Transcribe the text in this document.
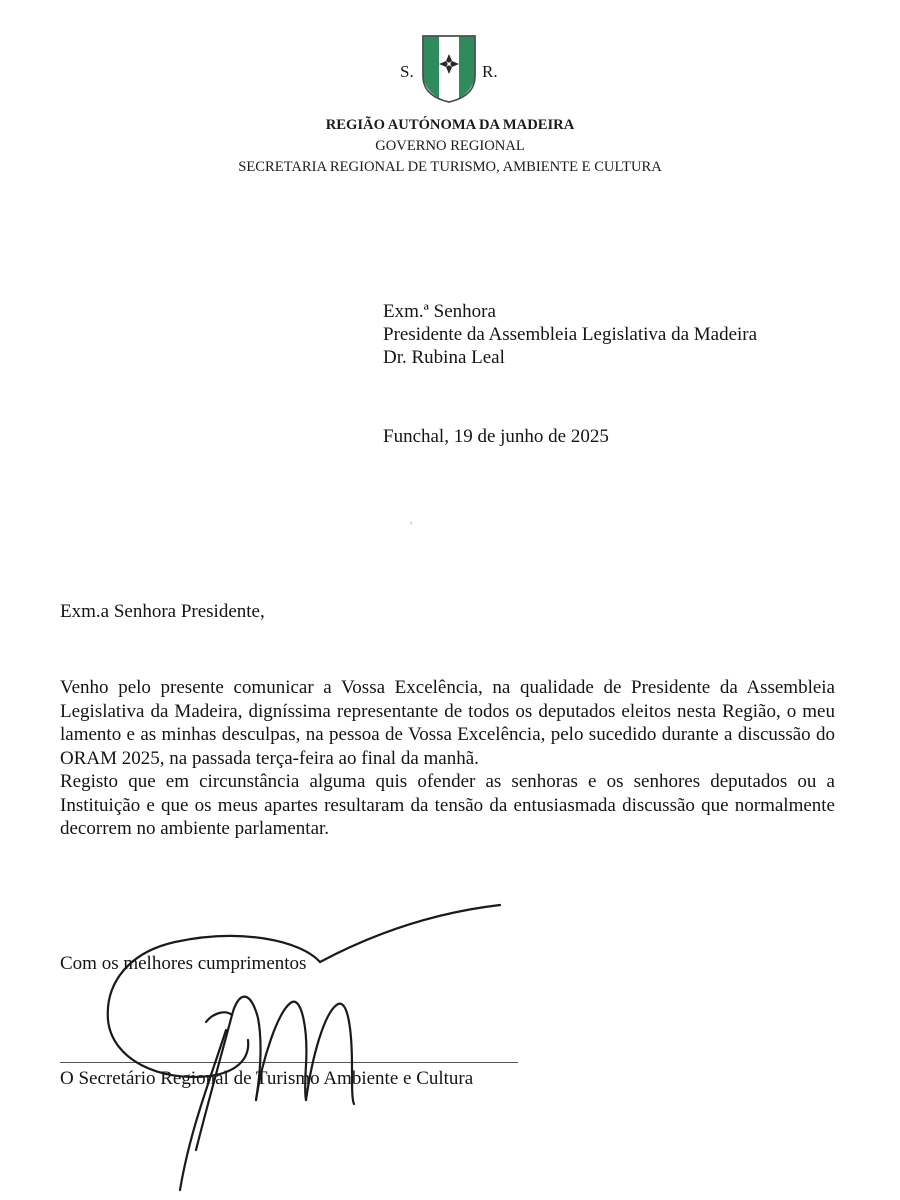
S.	R.
REGIÃO AUTÓNOMA DA MADEIRA
GOVERNO REGIONAL
SECRETARIA REGIONAL DE TURISMO, AMBIENTE E CULTURA
Exm.ª Senhora
Presidente da Assembleia Legislativa da Madeira
Dr. Rubina Leal
Funchal, 19 de junho de 2025
,
Exm.a Senhora Presidente,

Venho pelo presente comunicar a Vossa Excelência, na qualidade de Presidente da Assembleia Legislativa da Madeira, digníssima representante de todos os deputados eleitos nesta Região, o meu lamento e as minhas desculpas, na pessoa de Vossa Excelência, pelo sucedido durante a discussão do ORAM 2025, na passada terça-feira ao final da manhã.

Registo que em circunstância alguma quis ofender as senhoras e os senhores deputados ou a Instituição e que os meus apartes resultaram da tensão da entusiasmada discussão que normalmente decorrem no ambiente parlamentar.

Com os melhores cumprimentos
O Secretário Regional de Turismo Ambiente e Cultura
